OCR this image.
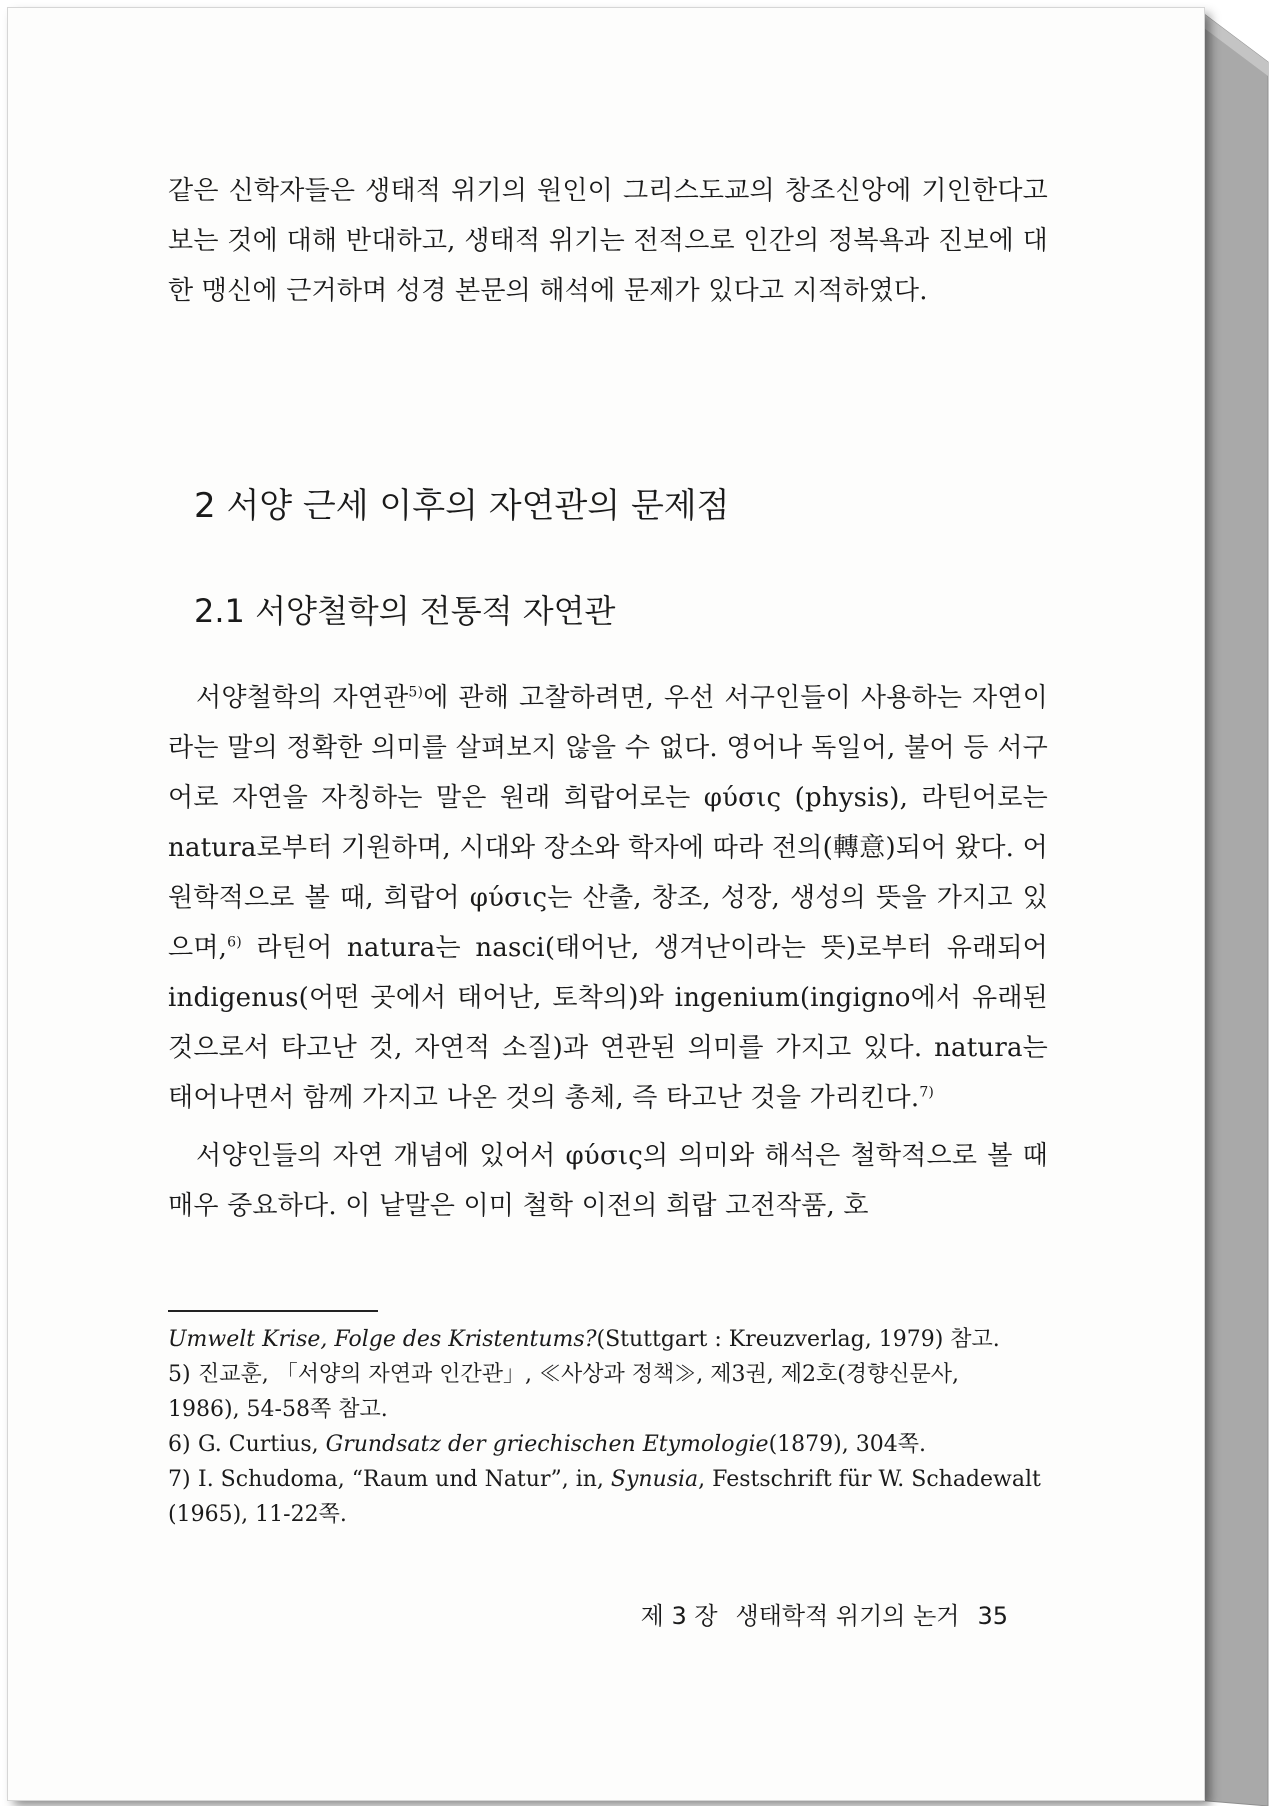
같은 신학자들은 생태적 위기의 원인이 그리스도교의 창조신앙에 기인한다고 보는 것에 대해 반대하고, 생태적 위기는 전적으로 인간의 정복욕과 진보에 대한 맹신에 근거하며 성경 본문의 해석에 문제가 있다고 지적하였다.

2 서양 근세 이후의 자연관의 문제점
2.1 서양철학의 전통적 자연관

서양철학의 자연관$^{5)}$에 관해 고찰하려면, 우선 서구인들이 사용하는 자연이라는 말의 정확한 의미를 살펴보지 않을 수 없다. 영어나 독일어, 불어 등 서구어로 자연을 자칭하는 말은 원래 희랍어로는 φύσις (physis), 라틴어로는 natura로부터 기원하며, 시대와 장소와 학자에 따라 전의(轉意)되어 왔다. 어원학적으로 볼 때, 희랍어 φύσις는 산출, 창조, 성장, 생성의 뜻을 가지고 있으며,$^{6)}$ 라틴어 natura는 nasci(태어난, 생겨난이라는 뜻)로부터 유래되어 indigenus(어떤 곳에서 태어난, 토착의)와 ingenium(ingigno에서 유래된 것으로서 타고난 것, 자연적 소질)과 연관된 의미를 가지고 있다. natura는 태어나면서 함께 가지고 나온 것의 총체, 즉 타고난 것을 가리킨다.$^{7)}$

서양인들의 자연 개념에 있어서 φύσις의 의미와 해석은 철학적으로 볼 때 매우 중요하다. 이 낱말은 이미 철학 이전의 희랍 고전작품, 호

Umwelt Krise, Folge des Kristentums?(Stuttgart : Kreuzverlag, 1979) 참고.

5) 진교훈, 「서양의 자연과 인간관」, ≪사상과 정책≫, 제3권, 제2호(경향신문사,

1986), 54-58쪽 참고.

6) G. Curtius, Grundsatz der griechischen Etymologie(1879), 304쪽.

7) I. Schudoma, “Raum und Natur”, in, Synusia, Festschrift für W. Schadewalt

(1965), 11-22쪽.

제 3 장 생태학적 위기의 논거 35
